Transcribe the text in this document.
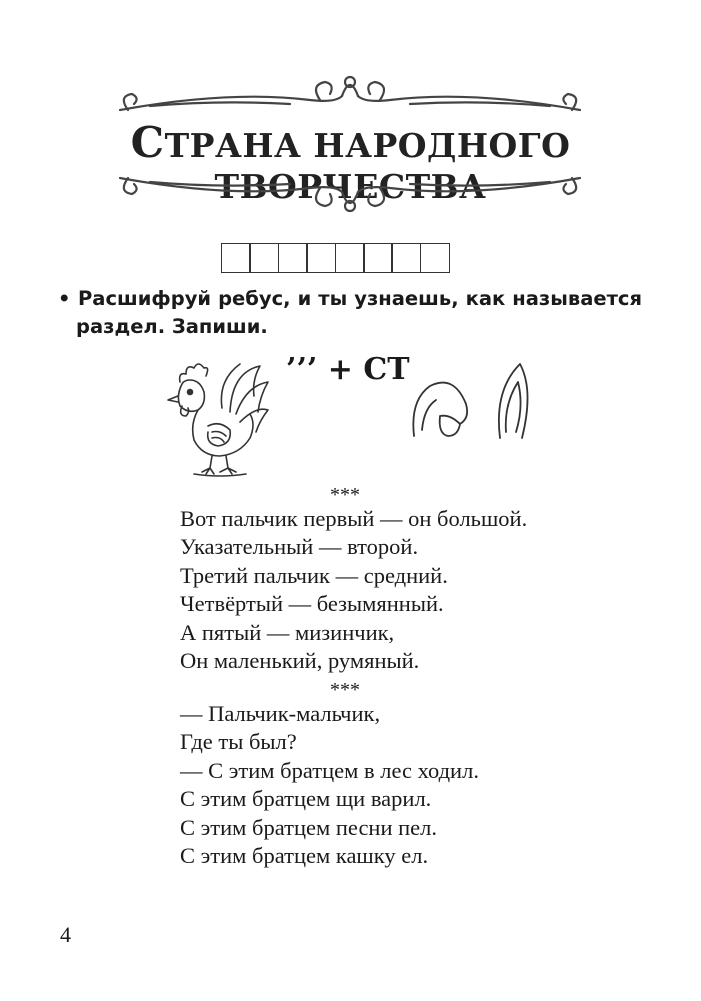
СТРАНА НАРОДНОГО ТВОРЧЕСТВА
• Расшифруй ребус, и ты узнаешь, как называется
раздел. Запиши.
’’’ + СТ
***
Вот пальчик первый — он большой.
Указательный — второй.
Третий пальчик — средний.
Четвёртый — безымянный.
А пятый — мизинчик,
Он маленький, румяный.
***
— Пальчик-мальчик,
Где ты был?
— С этим братцем в лес ходил.
С этим братцем щи варил.
С этим братцем песни пел.
С этим братцем кашку ел.
4
